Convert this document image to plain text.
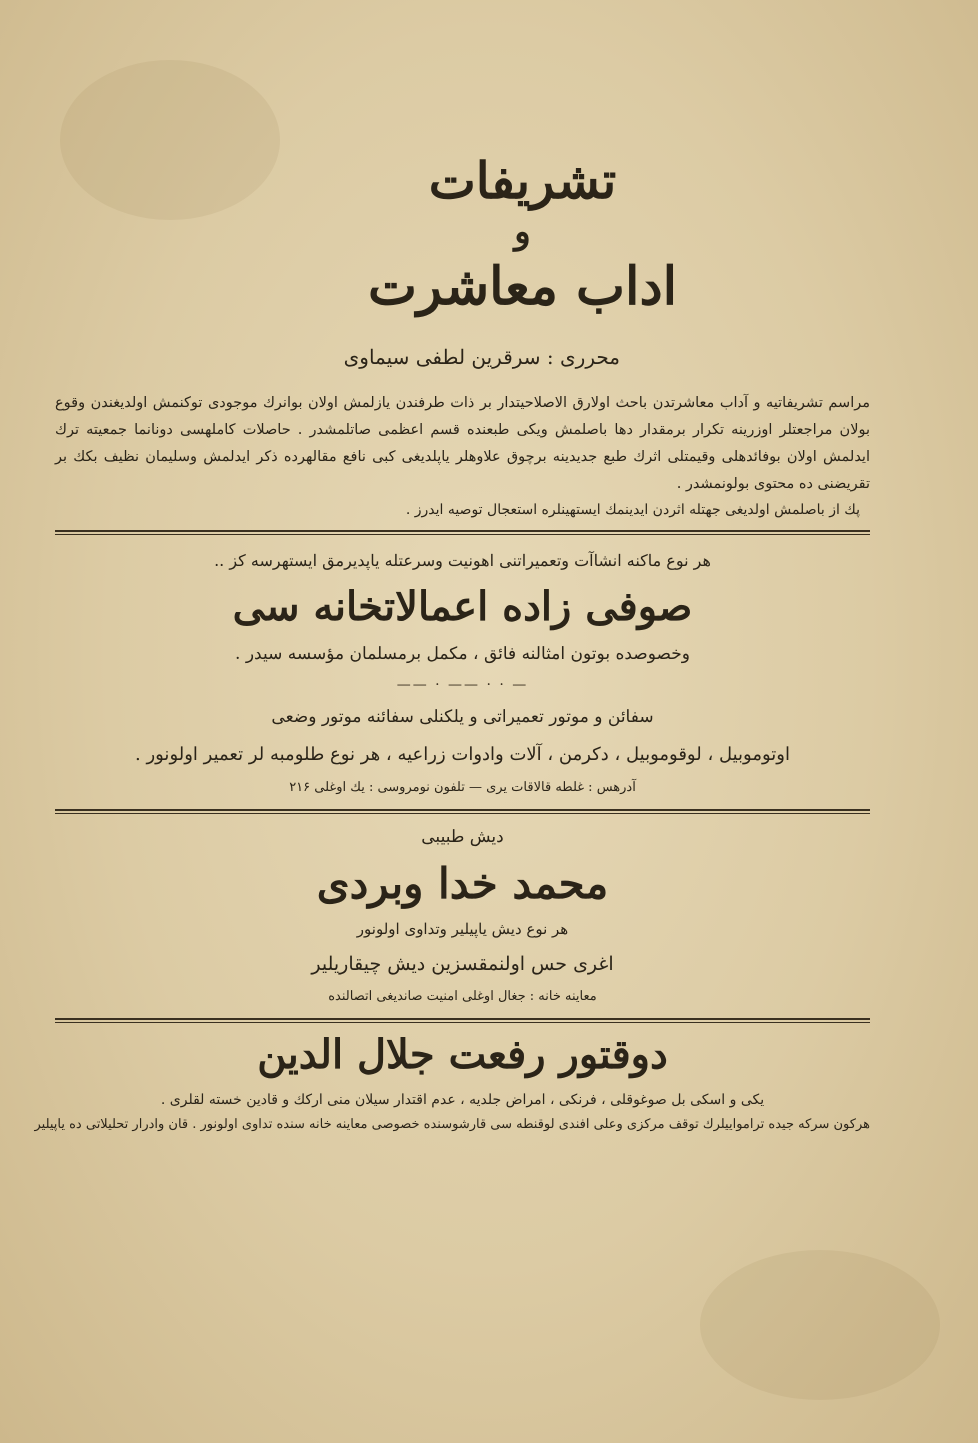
تشریفات
و
اداب معاشرت
محرری : سرقرین لطفی سیماوی
مراسم تشریفاتیه و آداب معاشرتدن باحث اولارق الاصلاحیتدار بر ذات طرفندن یازلمش اولان بوانرك موجودی توكنمش اولدیغندن وقوع بولان مراجعتلر اوزرینه تكرار برمقدار دها باصلمش ویکی طبعنده قسم اعظمی صاتلمشدر . حاصلات كاملهسی دونانما جمعیته ترك ایدلمش اولان بوفائدهلی وقیمتلی اثرك طبع جدیدینه برچوق علاوهلر یاپلدیغی كبی نافع مقالهرده ذكر ایدلمش وسلیمان نظیف بكك بر تقریضنی ده محتوی بولونمشدر .
پك از باصلمش اولدیغی جهتله اثردن ایدینمك ایستهینلره استعجال توصیه ایدرز .
هر نوع ماكنه انشاآت وتعمیراتنی اهونیت وسرعتله یاپدیرمق ایستهرسه كز ..
صوفی زاده اعمالاتخانه سی
وخصوصده بوتون امثالنه فائق ، مكمل برمسلمان مؤسسه سیدر .
— · · —— · ——
سفائن و موتور تعمیراتی و یلكنلی سفائنه موتور وضعی
اوتوموبیل ، لوقوموبیل ، دكرمن ، آلات وادوات زراعیه ، هر نوع طلومبه لر تعمیر اولونور .
آدرهس : غلطه قالاقات یری — تلفون نومروسی : یك اوغلی ۲۱۶
دیش طبیبی
محمد خدا وبردی
هر نوع دیش یاپیلیر وتداوی اولونور
اغری حس اولنمقسزین دیش چیقاریلیر
معاینه خانه : جغال اوغلی امنیت صاندیغی اتصالنده
دوقتور رفعت جلال الدین
یكی و اسكی بل صوغوقلی ، فرنكی ، امراض جلدیه ، عدم اقتدار سیلان منی اركك و قادین خسته لقلری .
هركون سركه جیده ترامواییلرك توقف مركزی وعلی افندی لوقنطه سی قارشوسنده خصوصی معاینه خانه سنده تداوی اولونور . قان وادرار تحلیلاتی ده یاپیلیر
